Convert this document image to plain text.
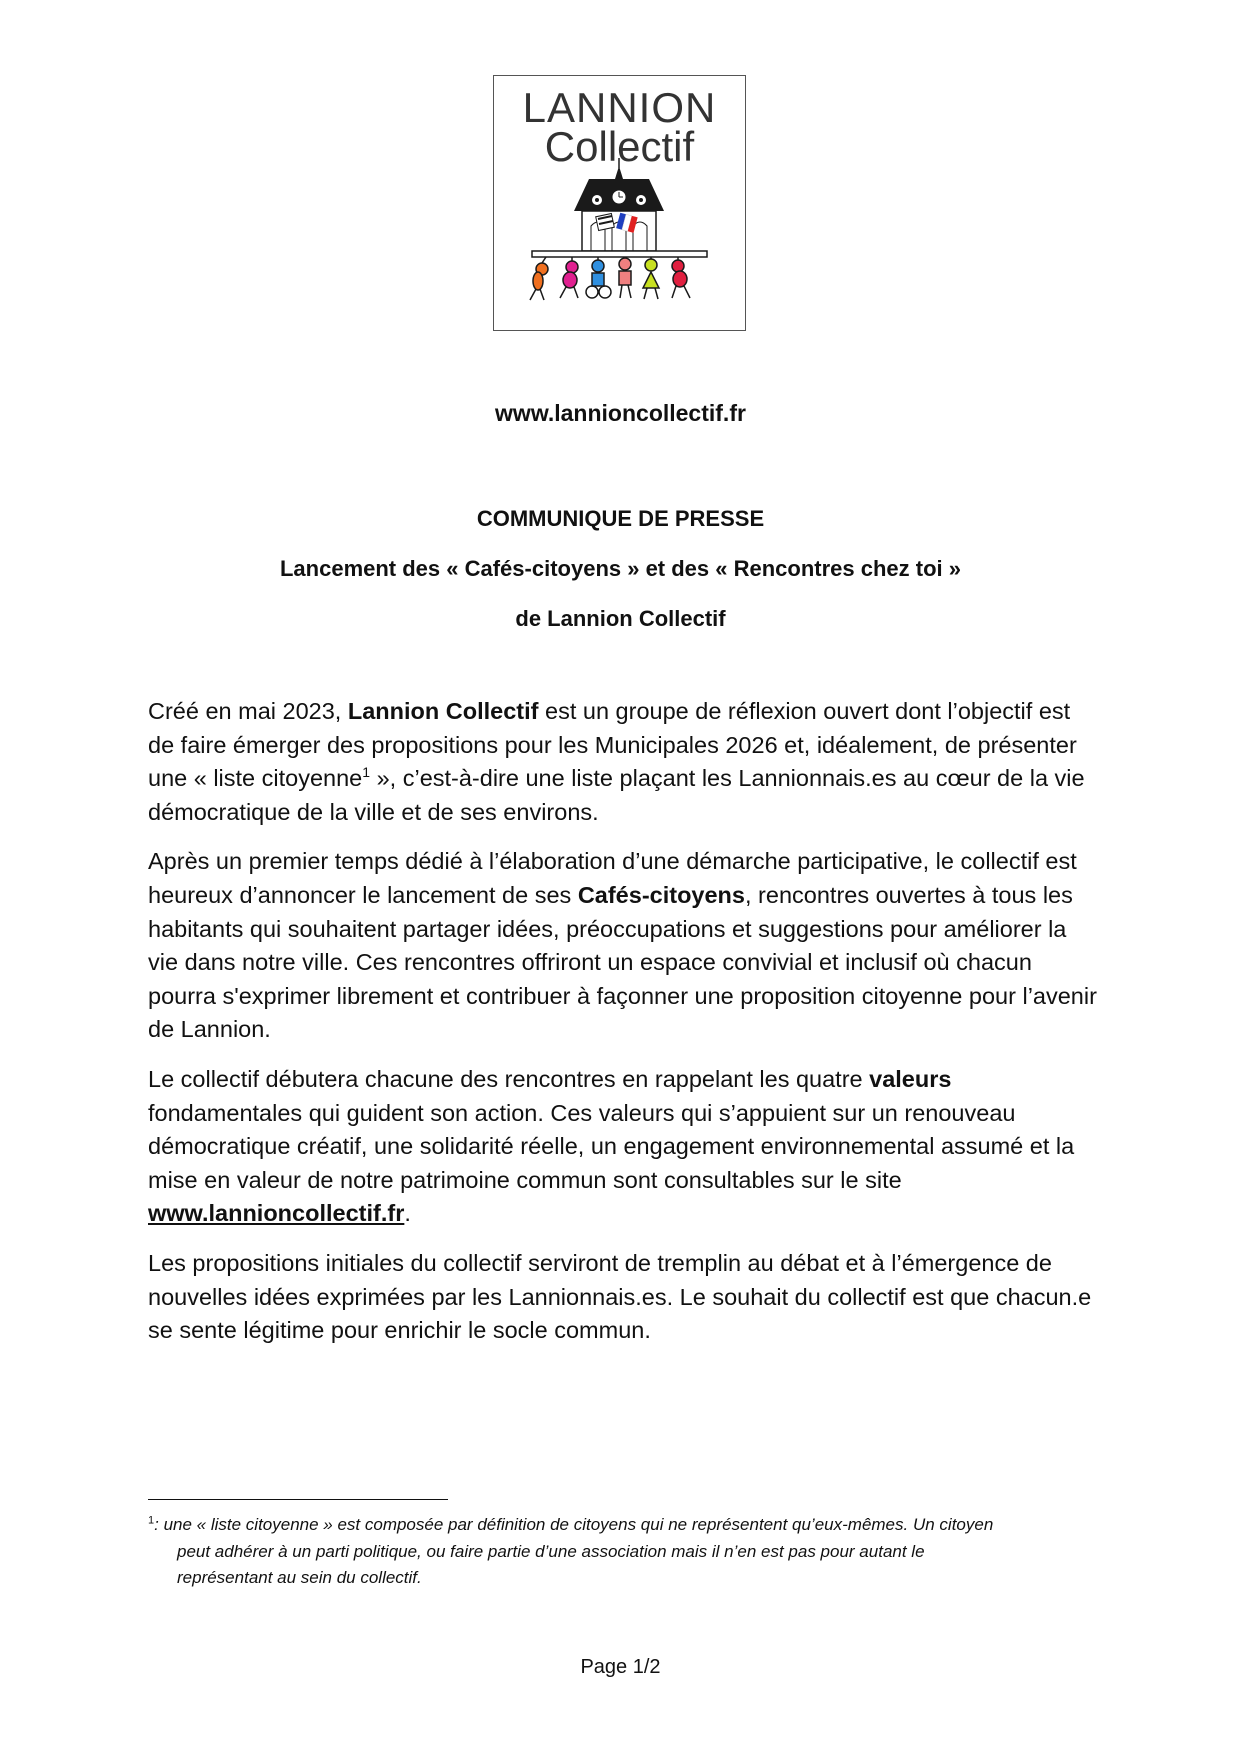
LANNION
Collectif
www.lannioncollectif.fr
COMMUNIQUE DE PRESSE
Lancement des « Cafés-citoyens » et des « Rencontres chez toi »
de Lannion Collectif

Créé en mai 2023, Lannion Collectif est un groupe de réflexion ouvert dont l’objectif est de faire émerger des propositions pour les Municipales 2026 et, idéalement, de présenter une « liste citoyenne$^1$ », c’est-à-dire une liste plaçant les Lannionnais.es au cœur de la vie démocratique de la ville et de ses environs.

Après un premier temps dédié à l’élaboration d’une démarche participative, le collectif est heureux d’annoncer le lancement de ses Cafés-citoyens, rencontres ouvertes à tous les habitants qui souhaitent partager idées, préoccupations et suggestions pour améliorer la vie dans notre ville. Ces rencontres offriront un espace convivial et inclusif où chacun pourra s'exprimer librement et contribuer à façonner une proposition citoyenne pour l’avenir de Lannion.

Le collectif débutera chacune des rencontres en rappelant les quatre valeurs fondamentales qui guident son action. Ces valeurs qui s’appuient sur un renouveau démocratique créatif, une solidarité réelle, un engagement environnemental assumé et la mise en valeur de notre patrimoine commun sont consultables sur le site www.lannioncollectif.fr.

Les propositions initiales du collectif serviront de tremplin au débat et à l’émergence de nouvelles idées exprimées par les Lannionnais.es. Le souhait du collectif est que chacun.e se sente légitime pour enrichir le socle commun.

$^1$: une « liste citoyenne » est composée par définition de citoyens qui ne représentent qu’eux-mêmes. Un citoyen
peut adhérer à un parti politique, ou faire partie d’une association mais il n’en est pas pour autant le
représentant au sein du collectif.
Page 1/2
